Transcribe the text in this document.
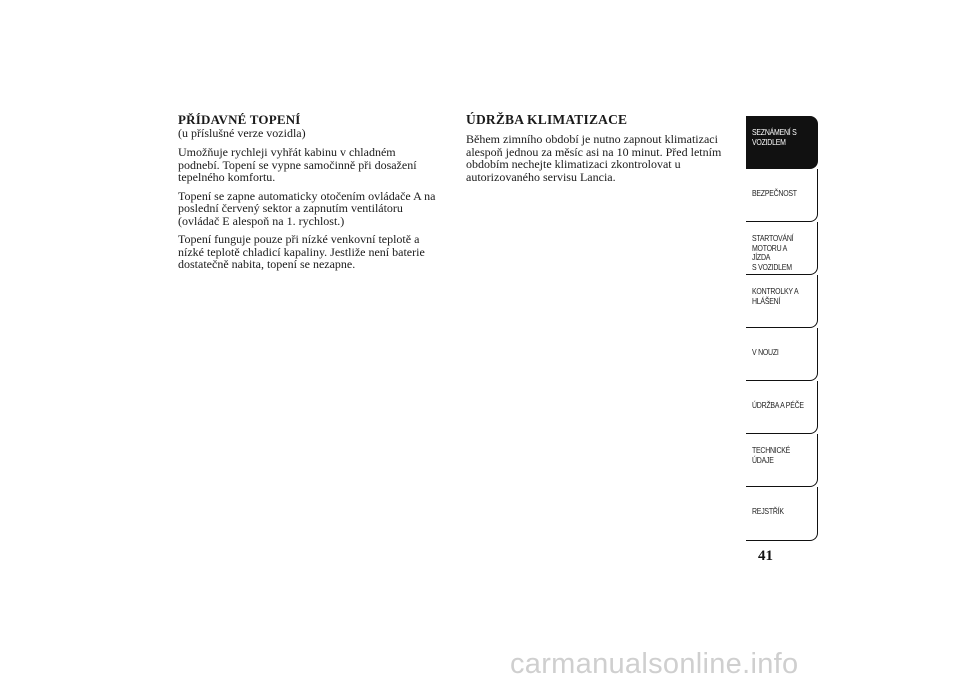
PŘÍDAVNÉ TOPENÍ

(u příslušné verze vozidla)

Umožňuje rychleji vyhřát kabinu v chladném
podnebí. Topení se vypne samočinně při dosažení
tepelného komfortu.

Topení se zapne automaticky otočením ovládače A na
poslední červený sektor a zapnutím ventilátoru
(ovládač E alespoň na 1. rychlost.)

Topení funguje pouze při nízké venkovní teplotě a
nízké teplotě chladicí kapaliny. Jestliže není baterie
dostatečně nabita, topení se nezapne.

ÚDRŽBA KLIMATIZACE

Během zimního období je nutno zapnout klimatizaci
alespoň jednou za měsíc asi na 10 minut. Před letním
obdobím nechejte klimatizaci zkontrolovat u
autorizovaného servisu Lancia.

SEZNÁMENÍ S
VOZIDLEM
BEZPEČNOST
STARTOVÁNÍ
MOTORU A JÍZDA
S VOZIDLEM
KONTROLKY A
HLÁŠENÍ
V NOUZI
ÚDRŽBA A PÉČE
TECHNICKÉ
ÚDAJE
REJSTŘÍK
41
carmanualsonline.info
